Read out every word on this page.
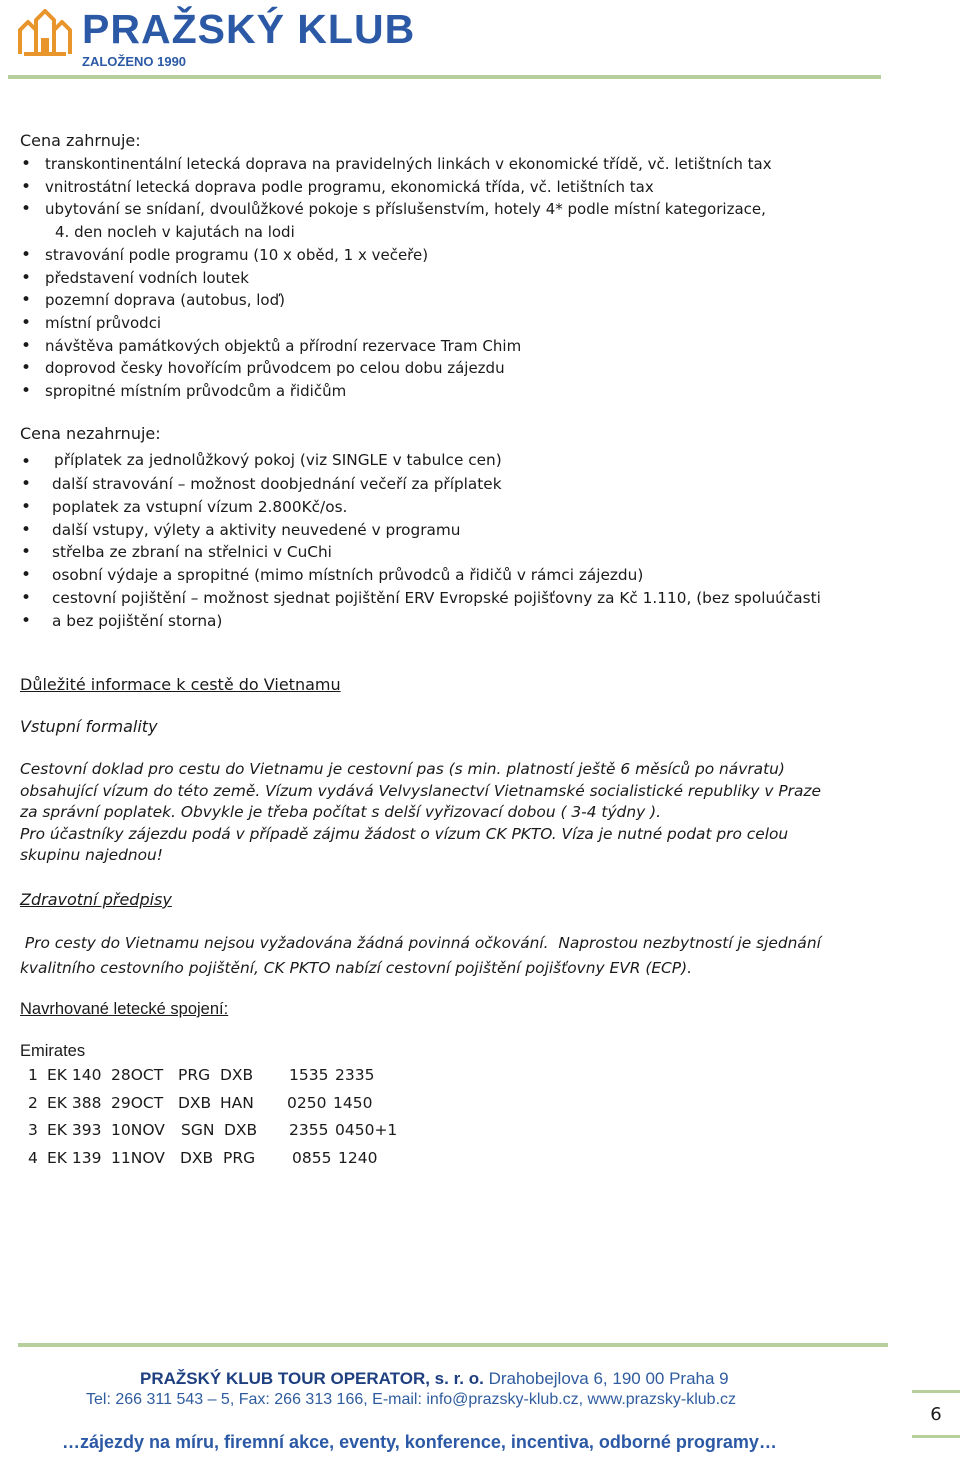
PRAŽSKÝ KLUB
ZALOŽENO 1990

Cena zahrnuje:

• transkontinentální letecká doprava na pravidelných linkách v ekonomické třídě, vč. letištních tax
• vnitrostátní letecká doprava podle programu, ekonomická třída, vč. letištních tax
• ubytování se snídaní, dvoulůžkové pokoje s příslušenstvím, hotely 4* podle místní kategorizace,
4. den nocleh v kajutách na lodi
• stravování podle programu (10 x oběd, 1 x večeře)
• představení vodních loutek
• pozemní doprava (autobus, loď)
• místní průvodci
• návštěva památkových objektů a přírodní rezervace Tram Chim
• doprovod česky hovořícím průvodcem po celou dobu zájezdu
• spropitné místním průvodcům a řidičům

Cena nezahrnuje:

• příplatek za jednolůžkový pokoj (viz SINGLE v tabulce cen)
• další stravování – možnost doobjednání večeří za příplatek
• poplatek za vstupní vízum 2.800Kč/os.
• další vstupy, výlety a aktivity neuvedené v programu
• střelba ze zbraní na střelnici v CuChi
• osobní výdaje a spropitné (mimo místních průvodců a řidičů v rámci zájezdu)
• cestovní pojištění – možnost sjednat pojištění ERV Evropské pojišťovny za Kč 1.110, (bez spoluúčasti
• a bez pojištění storna)
Důležité informace k cestě do Vietnamu
Vstupní formality
Cestovní doklad pro cestu do Vietnamu je cestovní pas (s min. platností ještě 6 měsíců po návratu)
obsahující vízum do této země. Vízum vydává Velvyslanectví Vietnamské socialistické republiky v Praze
za správní poplatek. Obvykle je třeba počítat s delší vyřizovací dobou ( 3-4 týdny ).
Pro účastníky zájezdu podá v případě zájmu žádost o vízum CK PKTO. Víza je nutné podat pro celou
skupinu najednou!
Zdravotní předpisy
Pro cesty do Vietnamu nejsou vyžadována žádná povinná očkování.  Naprostou nezbytností je sjednání
kvalitního cestovního pojištění, CK PKTO nabízí cestovní pojištění pojišťovny EVR (ECP).
Navrhované letecké spojení:
Emirates
1 EK 140 28OCT PRG DXB 1535 2335
2 EK 388 29OCT DXB HAN 0250 1450
3 EK 393 10NOV SGN DXB 2355 0450+1
4 EK 139 11NOV DXB PRG 0855 1240
PRAŽSKÝ KLUB TOUR OPERATOR, s. r. o. Drahobejlova 6, 190 00 Praha 9
Tel: 266 311 543 – 5, Fax: 266 313 166, E-mail: info@prazsky-klub.cz, www.prazsky-klub.cz
…zájezdy na míru, firemní akce, eventy, konference, incentiva, odborné programy…
6
